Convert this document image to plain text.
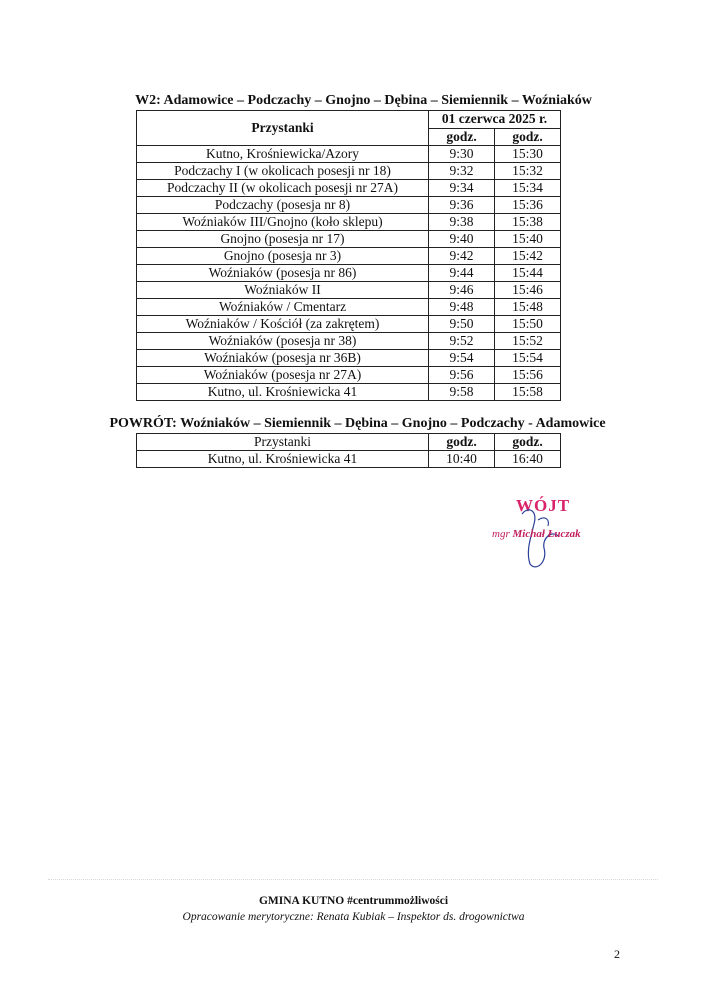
W2: Adamowice – Podczachy – Gnojno – Dębina – Siemiennik – Woźniaków
Przystanki	01 czerwca 2025 r.	
	godz.	godz.
Kutno, Krośniewicka/Azory	9:30	15:30
Podczachy I (w okolicach posesji nr 18)	9:32	15:32
Podczachy II (w okolicach posesji nr 27A)	9:34	15:34
Podczachy (posesja nr 8)	9:36	15:36
Woźniaków III/Gnojno (koło sklepu)	9:38	15:38
Gnojno (posesja nr 17)	9:40	15:40
Gnojno (posesja nr 3)	9:42	15:42
Woźniaków (posesja nr 86)	9:44	15:44
Woźniaków II	9:46	15:46
Woźniaków / Cmentarz	9:48	15:48
Woźniaków / Kościół (za zakrętem)	9:50	15:50
Woźniaków (posesja nr 38)	9:52	15:52
Woźniaków (posesja nr 36B)	9:54	15:54
Woźniaków (posesja nr 27A)	9:56	15:56
Kutno, ul. Krośniewicka 41	9:58	15:58
POWRÓT: Woźniaków – Siemiennik – Dębina – Gnojno – Podczachy - Adamowice
Przystanki	godz.	godz.
Kutno, ul. Krośniewicka 41	10:40	16:40
WÓJT
mgr Michał Łuczak
GMINA KUTNO #centrummożliwości
Opracowanie merytoryczne: Renata Kubiak – Inspektor ds. drogownictwa
2
